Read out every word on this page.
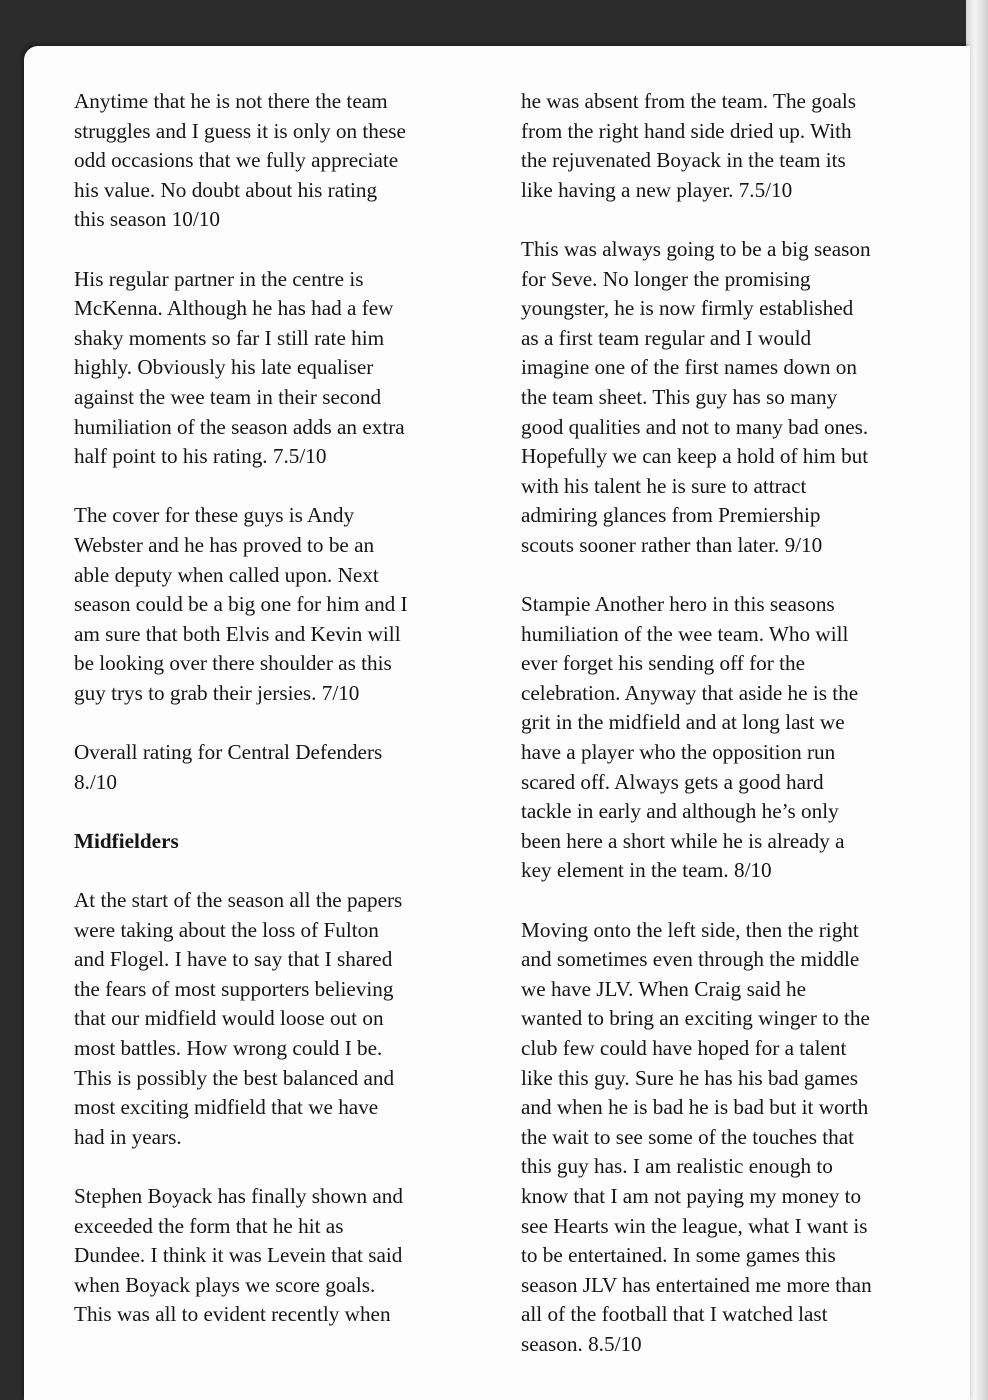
Anytime that he is not there the team
struggles and I guess it is only on these
odd occasions that we fully appreciate
his value. No doubt about his rating
this season 10/10
His regular partner in the centre is
McKenna. Although he has had a few
shaky moments so far I still rate him
highly. Obviously his late equaliser
against the wee team in their second
humiliation of the season adds an extra
half point to his rating. 7.5/10
The cover for these guys is Andy
Webster and he has proved to be an
able deputy when called upon. Next
season could be a big one for him and I
am sure that both Elvis and Kevin will
be looking over there shoulder as this
guy trys to grab their jersies. 7/10
Overall rating for Central Defenders
8./10
Midfielders
At the start of the season all the papers
were taking about the loss of Fulton
and Flogel. I have to say that I shared
the fears of most supporters believing
that our midfield would loose out on
most battles. How wrong could I be.
This is possibly the best balanced and
most exciting midfield that we have
had in years.
Stephen Boyack has finally shown and
exceeded the form that he hit as
Dundee. I think it was Levein that said
when Boyack plays we score goals.
This was all to evident recently when
he was absent from the team. The goals
from the right hand side dried up. With
the rejuvenated Boyack in the team its
like having a new player. 7.5/10
This was always going to be a big season
for Seve. No longer the promising
youngster, he is now firmly established
as a first team regular and I would
imagine one of the first names down on
the team sheet. This guy has so many
good qualities and not to many bad ones.
Hopefully we can keep a hold of him but
with his talent he is sure to attract
admiring glances from Premiership
scouts sooner rather than later. 9/10
Stampie Another hero in this seasons
humiliation of the wee team. Who will
ever forget his sending off for the
celebration. Anyway that aside he is the
grit in the midfield and at long last we
have a player who the opposition run
scared off. Always gets a good hard
tackle in early and although he’s only
been here a short while he is already a
key element in the team. 8/10
Moving onto the left side, then the right
and sometimes even through the middle
we have JLV. When Craig said he
wanted to bring an exciting winger to the
club few could have hoped for a talent
like this guy. Sure he has his bad games
and when he is bad he is bad but it worth
the wait to see some of the touches that
this guy has. I am realistic enough to
know that I am not paying my money to
see Hearts win the league, what I want is
to be entertained. In some games this
season JLV has entertained me more than
all of the football that I watched last
season. 8.5/10
